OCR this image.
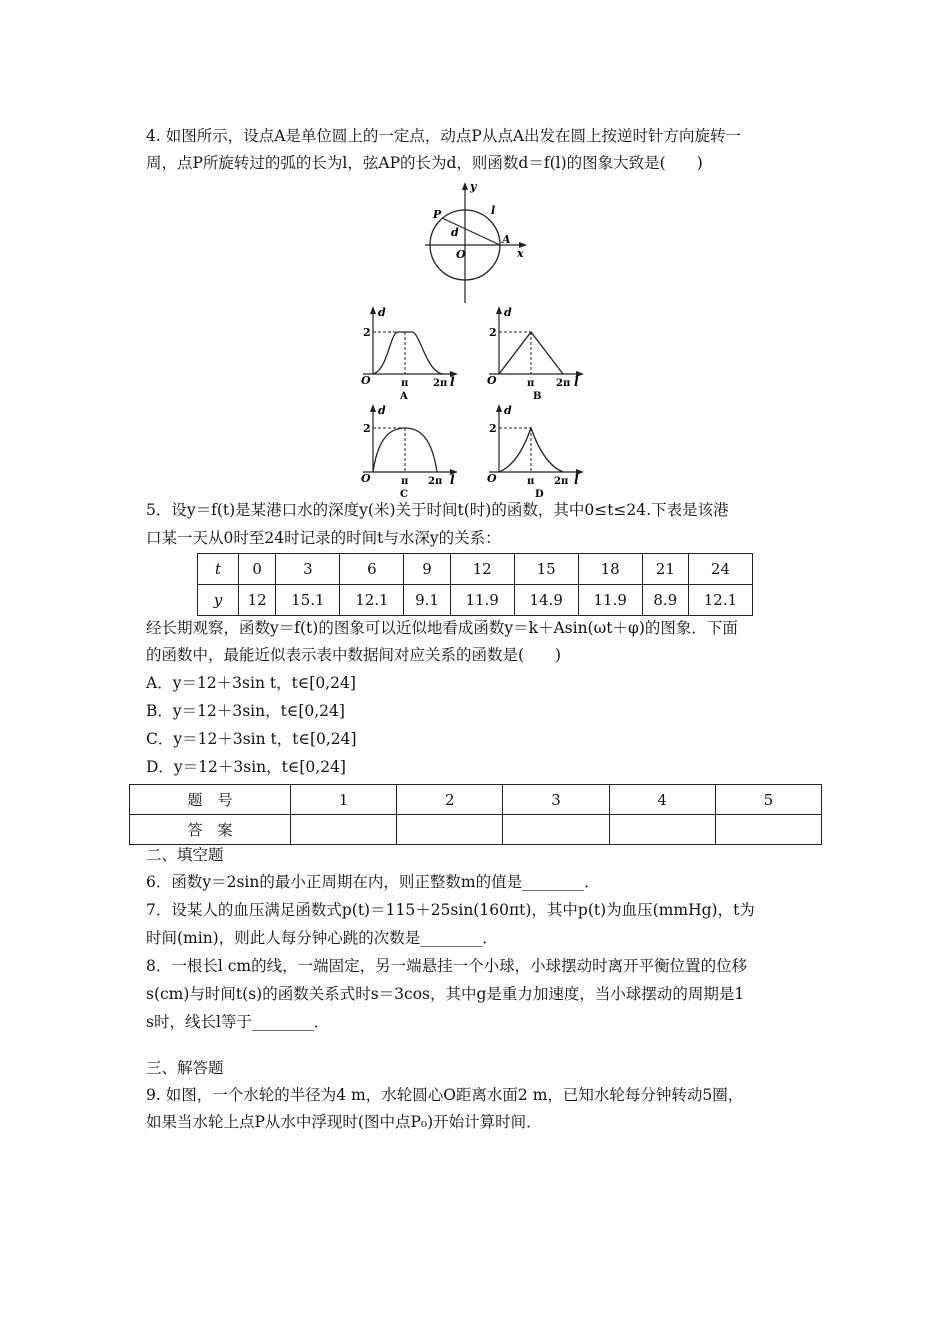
4. 如图所示，设点A是单位圆上的一定点，动点P从点A出发在圆上按逆时针方向旋转一
周，点P所旋转过的弧的长为l，弦AP的长为d，则函数d＝f(l)的图象大致是(　　)
y
x
P
A
O
d
l
d
2
O	π 2π l
A
d
2
O	π 2π l
B
d
2
O	π 2π l
C
d
2
O	π 2π l
D
5．设y＝f(t)是某港口水的深度y(米)关于时间t(时)的函数，其中0≤t≤24.下表是该港
口某一天从0时至24时记录的时间t与水深y的关系：
t	0	3	6	9	12	15	18	21	24
y	12	15.1	12.1	9.1	11.9	14.9	11.9	8.9	12.1
经长期观察，函数y＝f(t)的图象可以近似地看成函数y＝k＋Asin(ωt＋φ)的图象．下面
的函数中，最能近似表示表中数据间对应关系的函数是(　　)
A．y＝12＋3sin t，t∈[0,24]
B．y＝12＋3sin，t∈[0,24]
C．y＝12＋3sin t，t∈[0,24]
D．y＝12＋3sin，t∈[0,24]
题　号	1	2	3	4	5
答　案					
二、填空题
6．函数y＝2sin的最小正周期在内，则正整数m的值是________．
7．设某人的血压满足函数式p(t)＝115＋25sin(160πt)，其中p(t)为血压(mmHg)，t为
时间(min)，则此人每分钟心跳的次数是________．
8．一根长l cm的线，一端固定，另一端悬挂一个小球，小球摆动时离开平衡位置的位移
s(cm)与时间t(s)的函数关系式时s＝3cos，其中g是重力加速度，当小球摆动的周期是1
s时，线长l等于________．
三、解答题
9. 如图，一个水轮的半径为4 m，水轮圆心O距离水面2 m，已知水轮每分钟转动5圈，
如果当水轮上点P从水中浮现时(图中点P₀)开始计算时间．
